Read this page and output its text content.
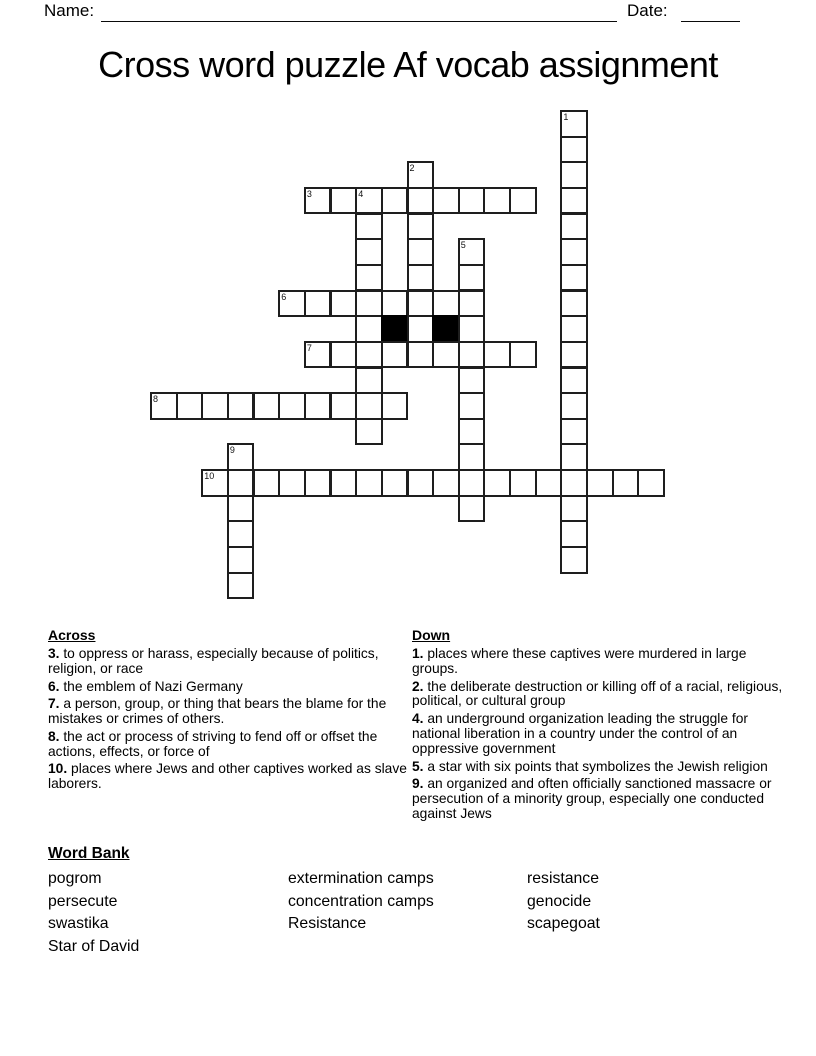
Name:	Date:
Cross word puzzle Af vocab assignment
1
2
3	4
5
6
7
8
9
10
Across
3. to oppress or harass, especially because of politics, religion, or race
6. the emblem of Nazi Germany
7. a person, group, or thing that bears the blame for the mistakes or crimes of others.
8. the act or process of striving to fend off or offset the actions, effects, or force of
10. places where Jews and other captives worked as slave laborers.
Down
1. places where these captives were murdered in large groups.
2. the deliberate destruction or killing off of a racial, religious, political, or cultural group
4. an underground organization leading the struggle for national liberation in a country under the control of an oppressive government
5. a star with six points that symbolizes the Jewish religion
9. an organized and often officially sanctioned massacre or persecution of a minority group, especially one conducted against Jews
Word Bank
pogrom
persecute
swastika
Star of David
extermination camps
concentration camps
Resistance
resistance
genocide
scapegoat
